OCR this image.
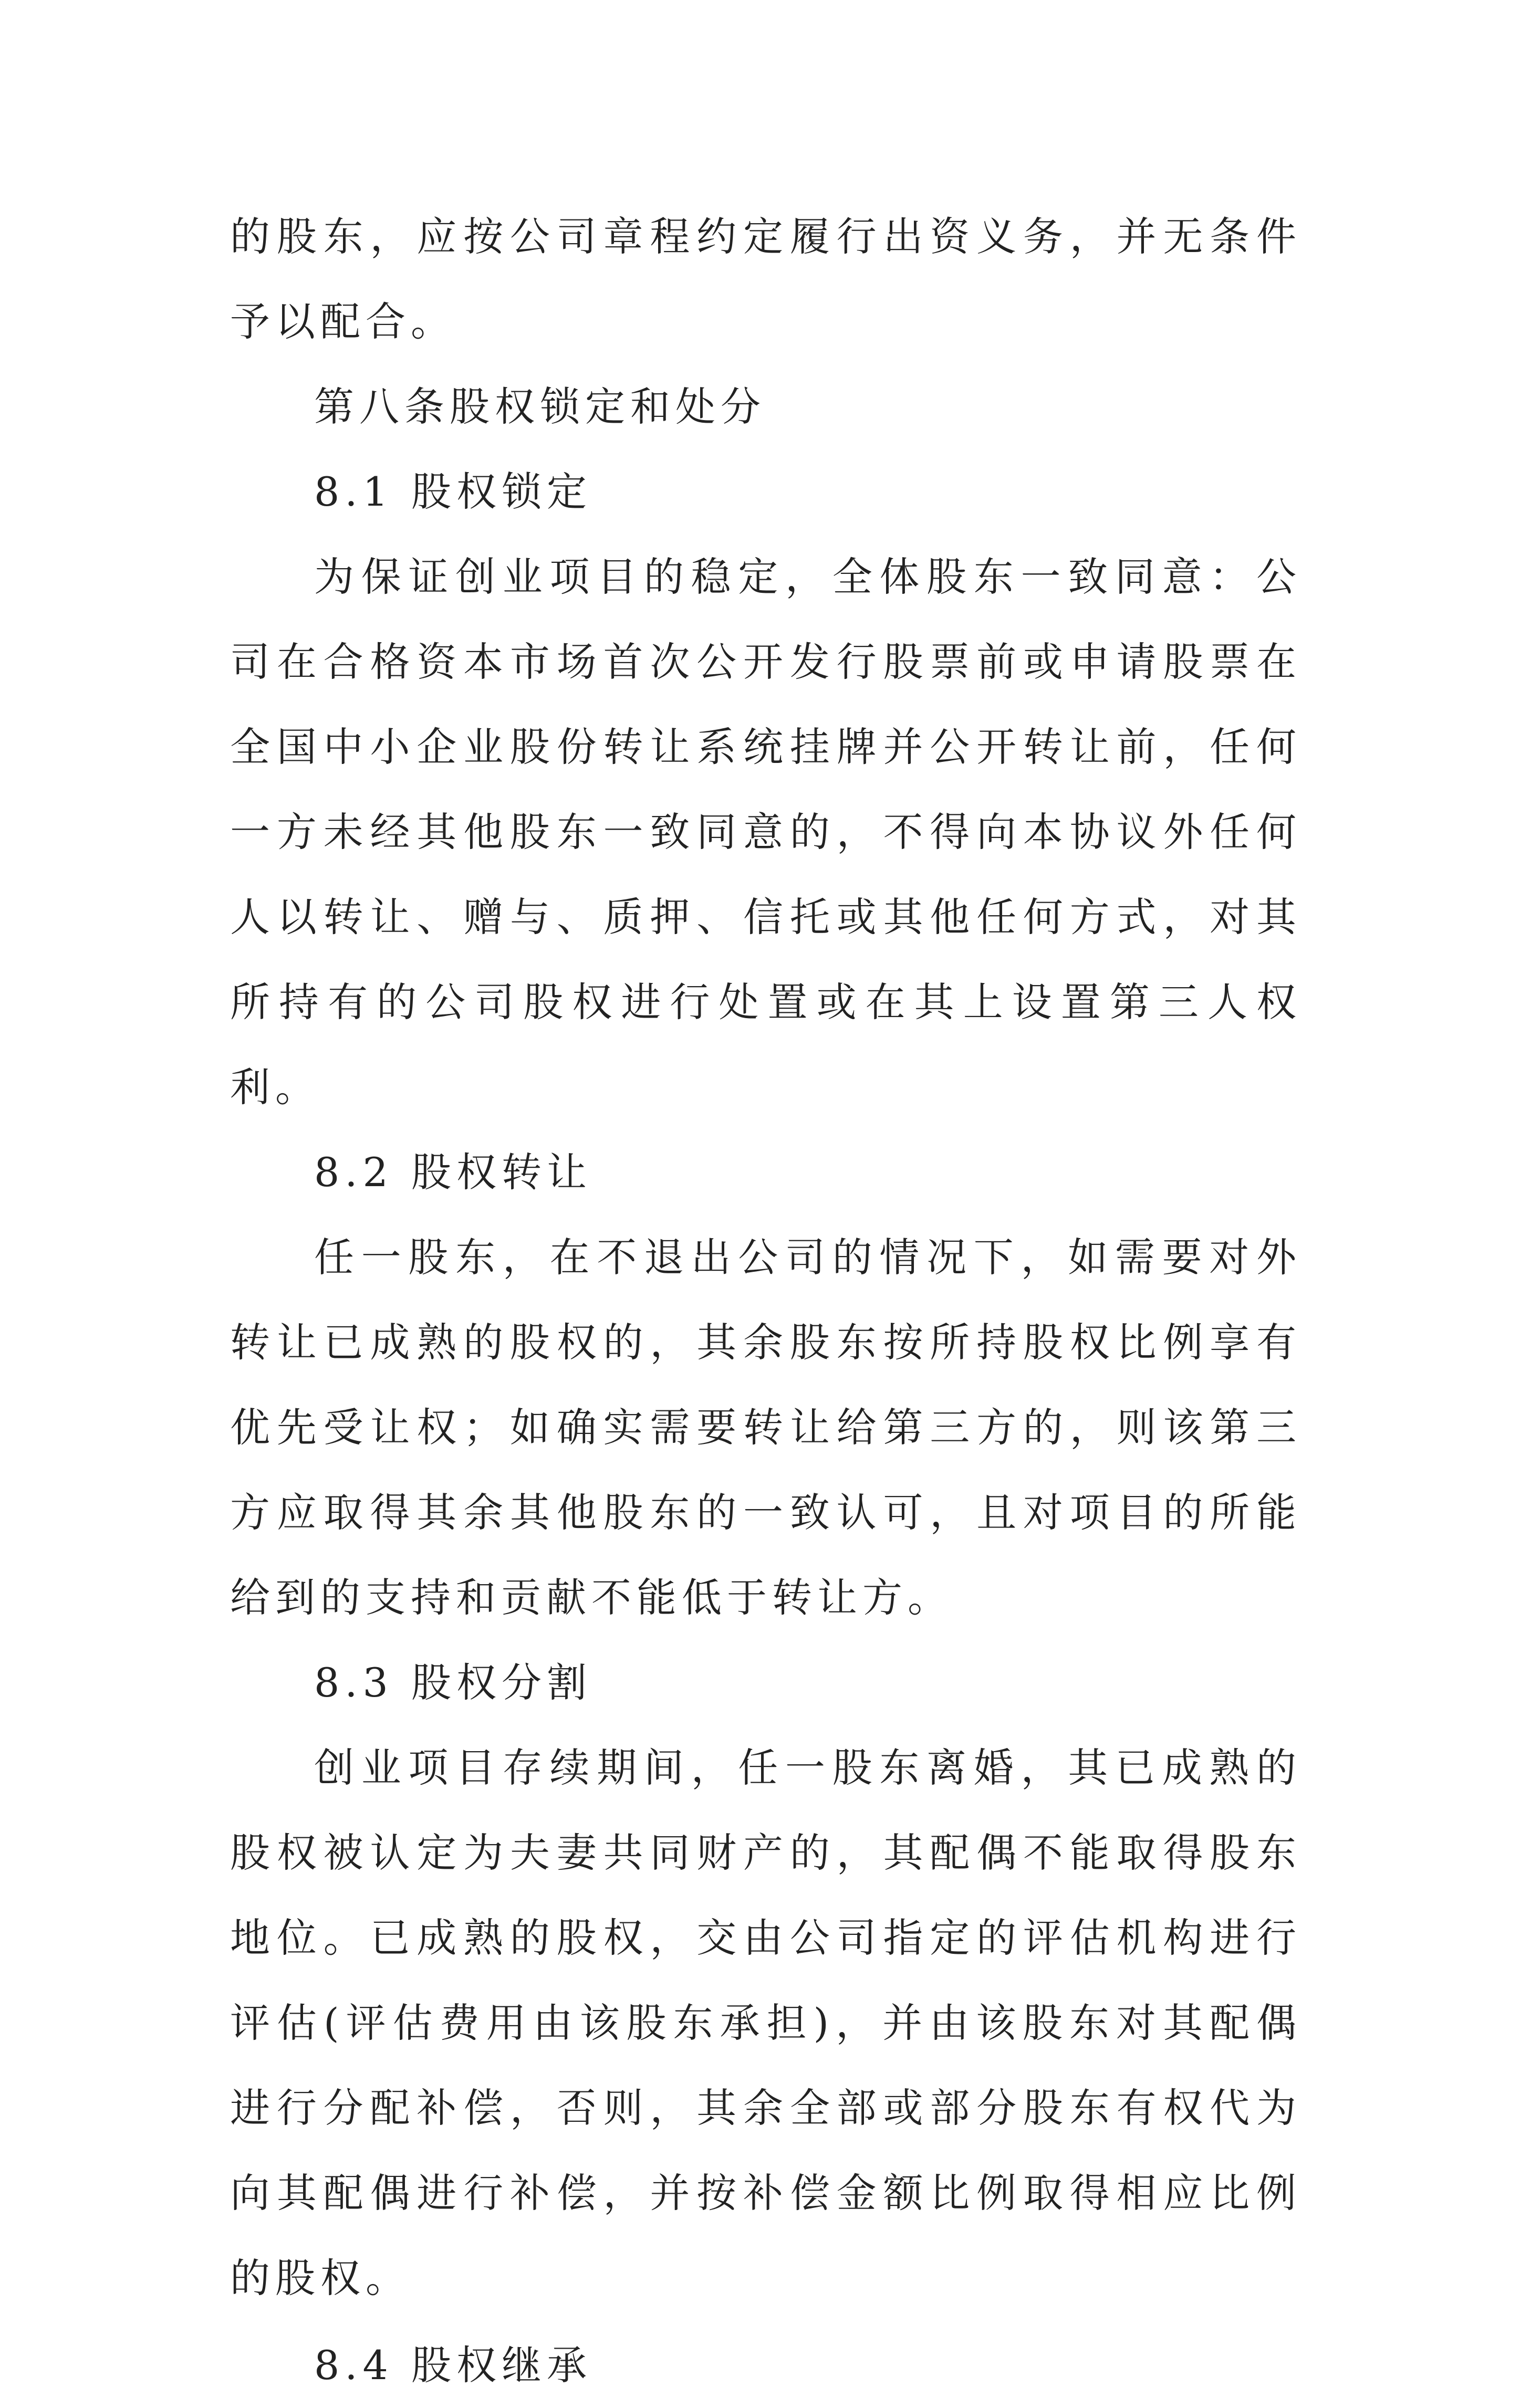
的股东，应按公司章程约定履行出资义务，并无条件予以配合。

第八条股权锁定和处分

8.1 股权锁定

为保证创业项目的稳定，全体股东一致同意：公司在合格资本市场首次公开发行股票前或申请股票在全国中小企业股份转让系统挂牌并公开转让前，任何一方未经其他股东一致同意的，不得向本协议外任何人以转让、赠与、质押、信托或其他任何方式，对其所持有的公司股权进行处置或在其上设置第三人权利。

8.2 股权转让

任一股东，在不退出公司的情况下，如需要对外转让已成熟的股权的，其余股东按所持股权比例享有优先受让权；如确实需要转让给第三方的，则该第三方应取得其余其他股东的一致认可，且对项目的所能给到的支持和贡献不能低于转让方。

8.3 股权分割

创业项目存续期间，任一股东离婚，其已成熟的股权被认定为夫妻共同财产的，其配偶不能取得股东地位。已成熟的股权，交由公司指定的评估机构进行评估(评估费用由该股东承担)，并由该股东对其配偶进行分配补偿，否则，其余全部或部分股东有权代为向其配偶进行补偿，并按补偿金额比例取得相应比例的股权。

8.4 股权继承
